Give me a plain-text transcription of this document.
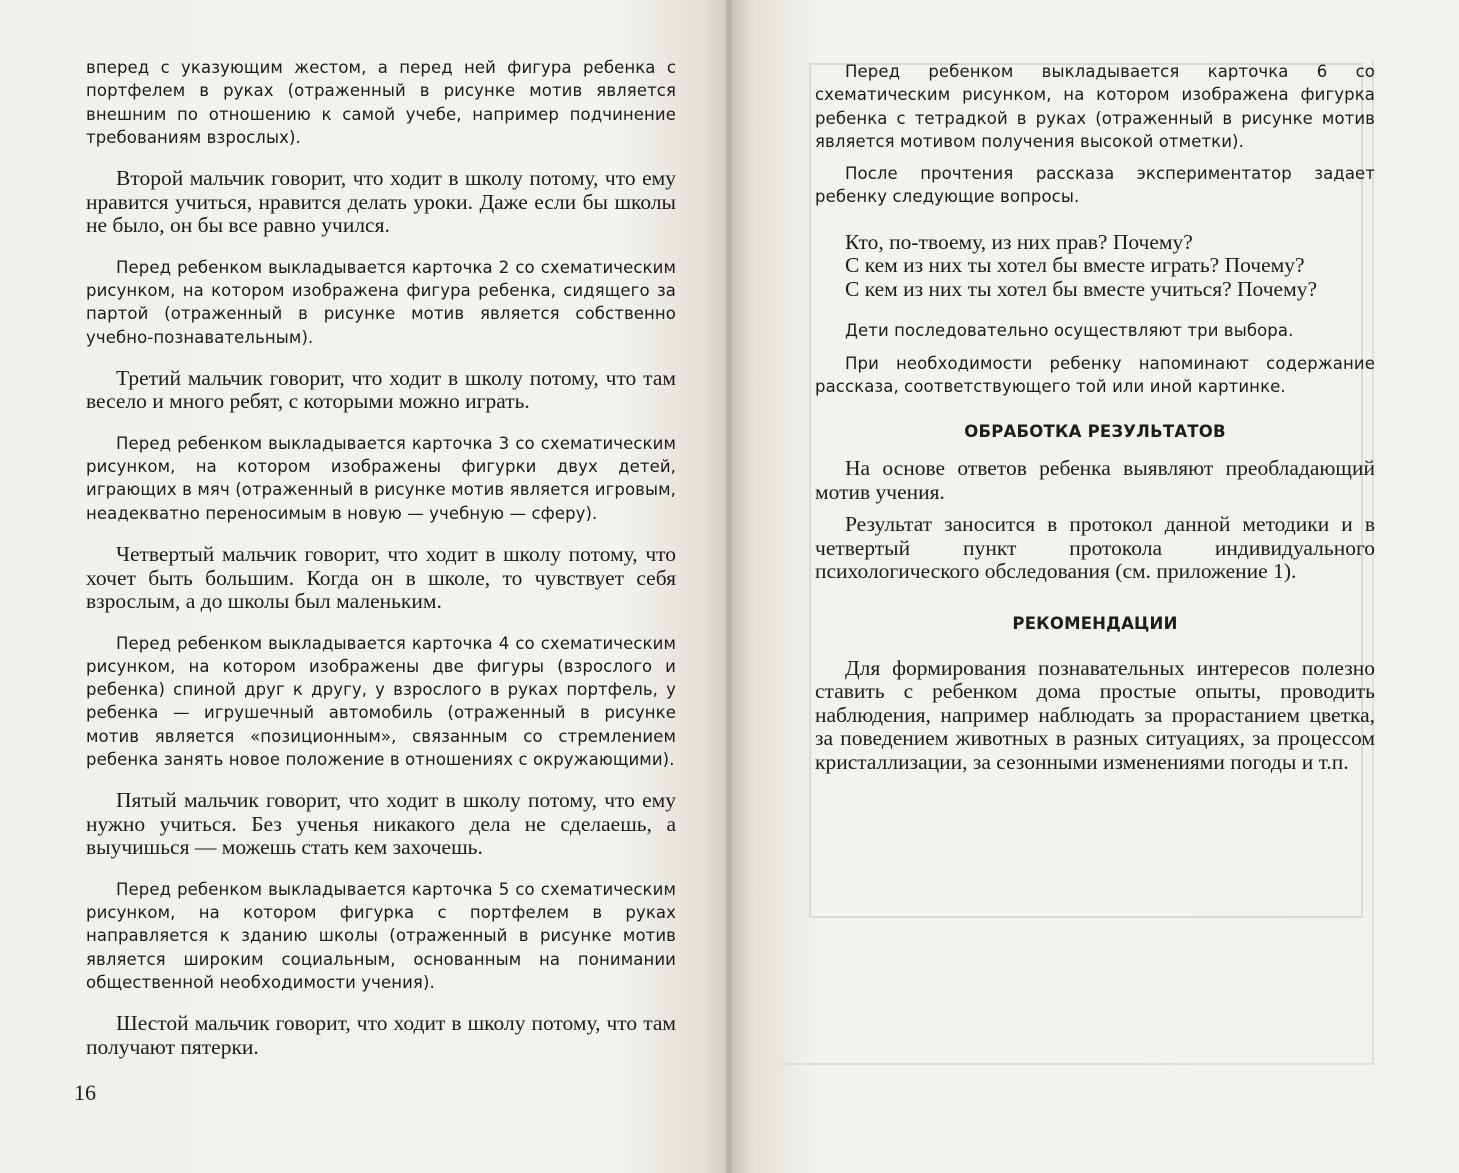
вперед с указующим жестом, а перед ней фигура ребенка с портфелем в руках (отраженный в рисунке мотив является внешним по отношению к самой учебе, например подчинение требованиям взрослых).

Второй мальчик говорит, что ходит в школу потому, что ему нравится учиться, нравится делать уроки. Даже если бы школы не было, он бы все равно учился.

Перед ребенком выкладывается карточка 2 со схематическим рисунком, на котором изображена фигура ребенка, сидящего за партой (отраженный в рисунке мотив является собственно учебно-познавательным).

Третий мальчик говорит, что ходит в школу потому, что там весело и много ребят, с которыми можно играть.

Перед ребенком выкладывается карточка 3 со схематическим рисунком, на котором изображены фигурки двух детей, играющих в мяч (отраженный в рисунке мотив является игровым, неадекватно переносимым в новую — учебную — сферу).

Четвертый мальчик говорит, что ходит в школу потому, что хочет быть большим. Когда он в школе, то чувствует себя взрослым, а до школы был маленьким.

Перед ребенком выкладывается карточка 4 со схематическим рисунком, на котором изображены две фигуры (взрослого и ребенка) спиной друг к другу, у взрослого в руках портфель, у ребенка — игрушечный автомобиль (отраженный в рисунке мотив является «позиционным», связанным со стремлением ребенка занять новое положение в отношениях с окружающими).

Пятый мальчик говорит, что ходит в школу потому, что ему нужно учиться. Без ученья никакого дела не сделаешь, а выучишься — можешь стать кем захочешь.

Перед ребенком выкладывается карточка 5 со схематическим рисунком, на котором фигурка с портфелем в руках направляется к зданию школы (отраженный в рисунке мотив является широким социальным, основанным на понимании общественной необходимости учения).

Шестой мальчик говорит, что ходит в школу потому, что там получают пятерки.

16

Перед ребенком выкладывается карточка 6 со схематическим рисунком, на котором изображена фигурка ребенка с тетрадкой в руках (отраженный в рисунке мотив является мотивом получения высокой отметки).

После прочтения рассказа экспериментатор задает ребенку следующие вопросы.

Кто, по-твоему, из них прав? Почему?
С кем из них ты хотел бы вместе играть? Почему?
С кем из них ты хотел бы вместе учиться? Почему?

Дети последовательно осуществляют три выбора.

При необходимости ребенку напоминают содержание рассказа, соответствующего той или иной картинке.

ОБРАБОТКА РЕЗУЛЬТАТОВ

На основе ответов ребенка выявляют преобладающий мотив учения.

Результат заносится в протокол данной методики и в четвертый пункт протокола индивидуального психологического обследования (см. приложение 1).

РЕКОМЕНДАЦИИ

Для формирования познавательных интересов полезно ставить с ребенком дома простые опыты, проводить наблюдения, например наблюдать за прорастанием цветка, за поведением животных в разных ситуациях, за процессом кристаллизации, за сезонными изменениями погоды и т.п.
